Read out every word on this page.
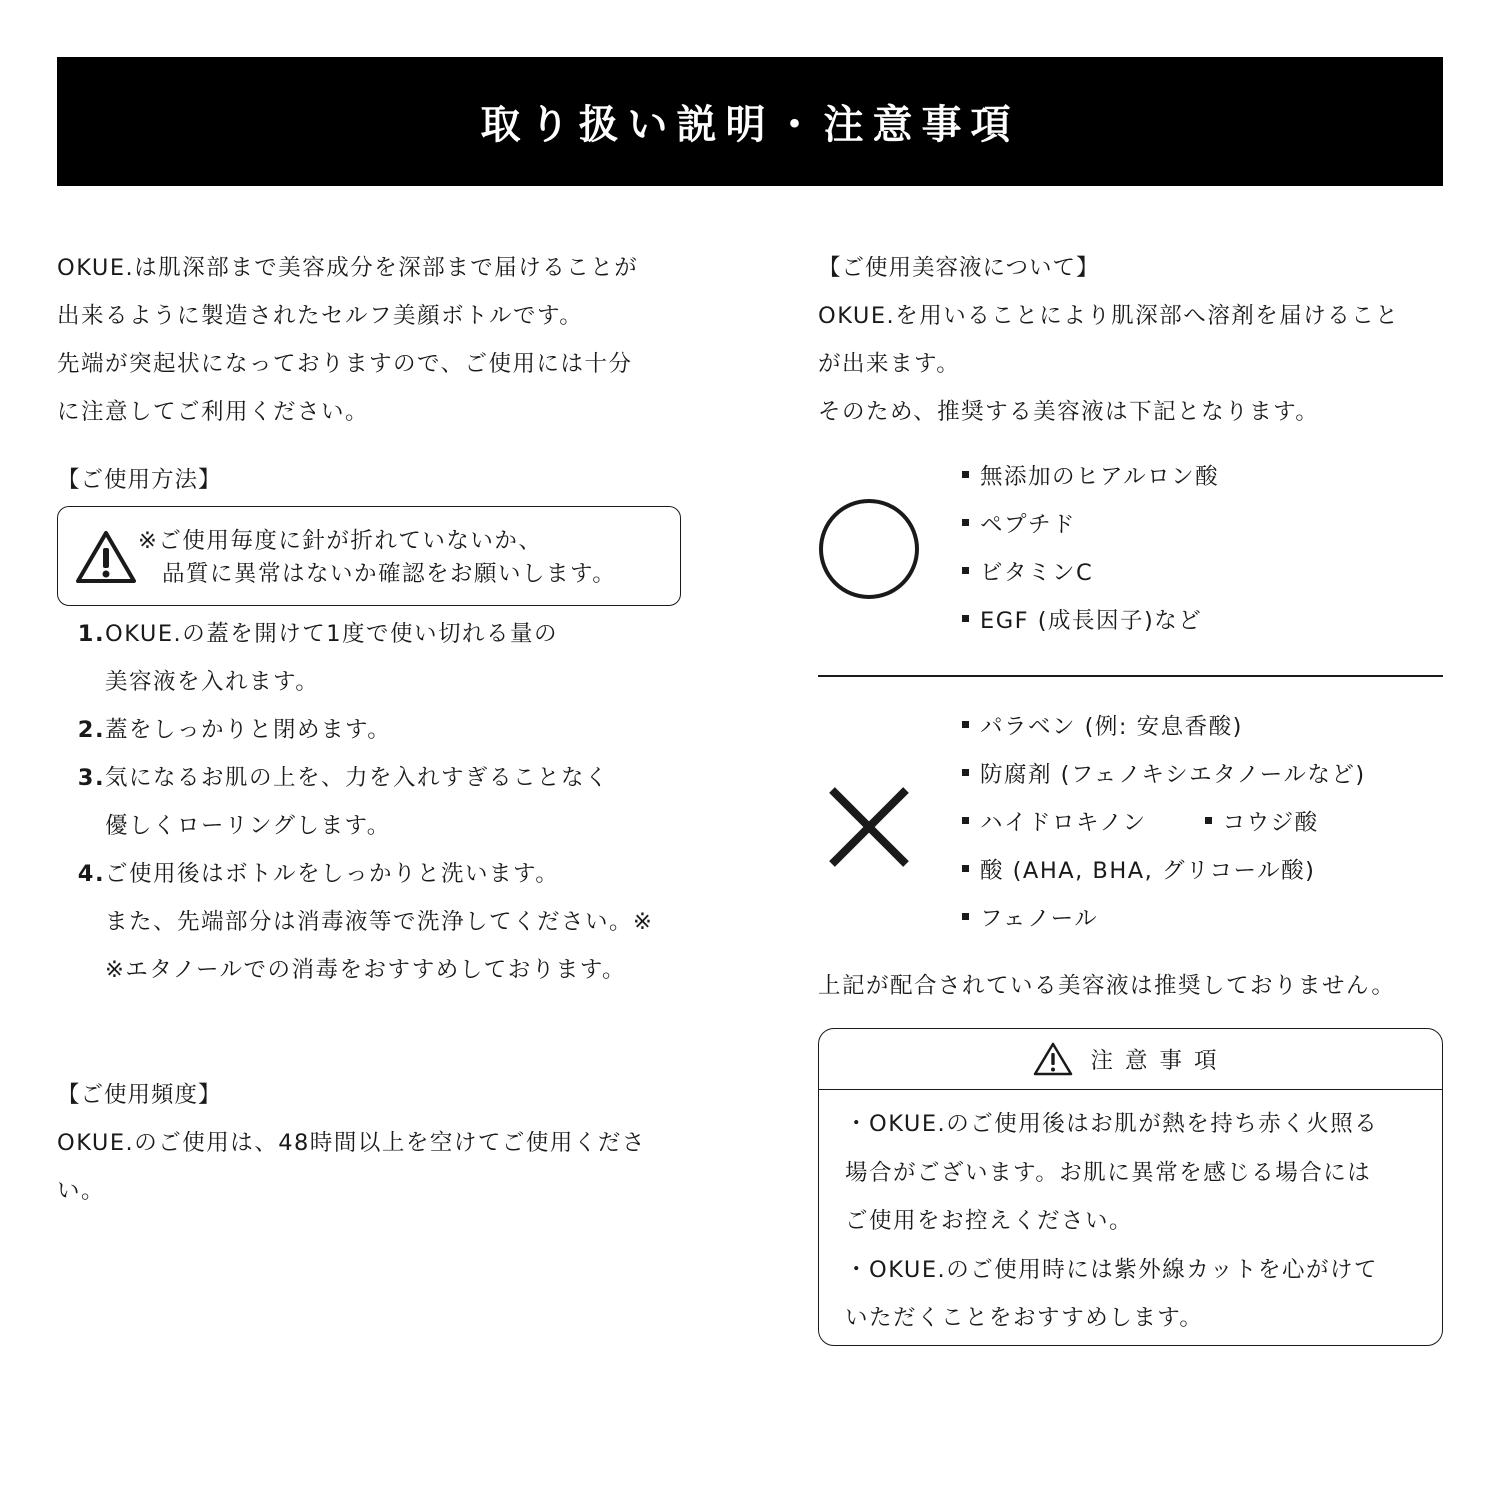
取り扱い説明・注意事項

OKUE.は肌深部まで美容成分を深部まで届けることが

出来るように製造されたセルフ美顔ボトルです。

先端が突起状になっておりますので、ご使用には十分

に注意してご利用ください。

【ご使用方法】

※ご使用毎度に針が折れていないか、
品質に異常はないか確認をお願いします。
1. OKUE.の蓋を開けて1度で使い切れる量の
美容液を入れます。
2. 蓋をしっかりと閉めます。
3. 気になるお肌の上を、力を入れすぎることなく
優しくローリングします。
4. ご使用後はボトルをしっかりと洗います。
また、先端部分は消毒液等で洗浄してください。※
※エタノールでの消毒をおすすめしております。

【ご使用頻度】

OKUE.のご使用は、48時間以上を空けてご使用くださ

い。

【ご使用美容液について】

OKUE.を用いることにより肌深部へ溶剤を届けること

が出来ます。

そのため、推奨する美容液は下記となります。

無添加のヒアルロン酸
ペプチド
ビタミンC
EGF (成長因子)など
パラベン (例: 安息香酸)
防腐剤 (フェノキシエタノールなど)
ハイドロキノン	コウジ酸
酸 (AHA, BHA, グリコール酸)
フェノール
上記が配合されている美容液は推奨しておりません。
注意事項

・OKUE.のご使用後はお肌が熱を持ち赤く火照る

場合がございます。お肌に異常を感じる場合には

ご使用をお控えください。

・OKUE.のご使用時には紫外線カットを心がけて

いただくことをおすすめします。
